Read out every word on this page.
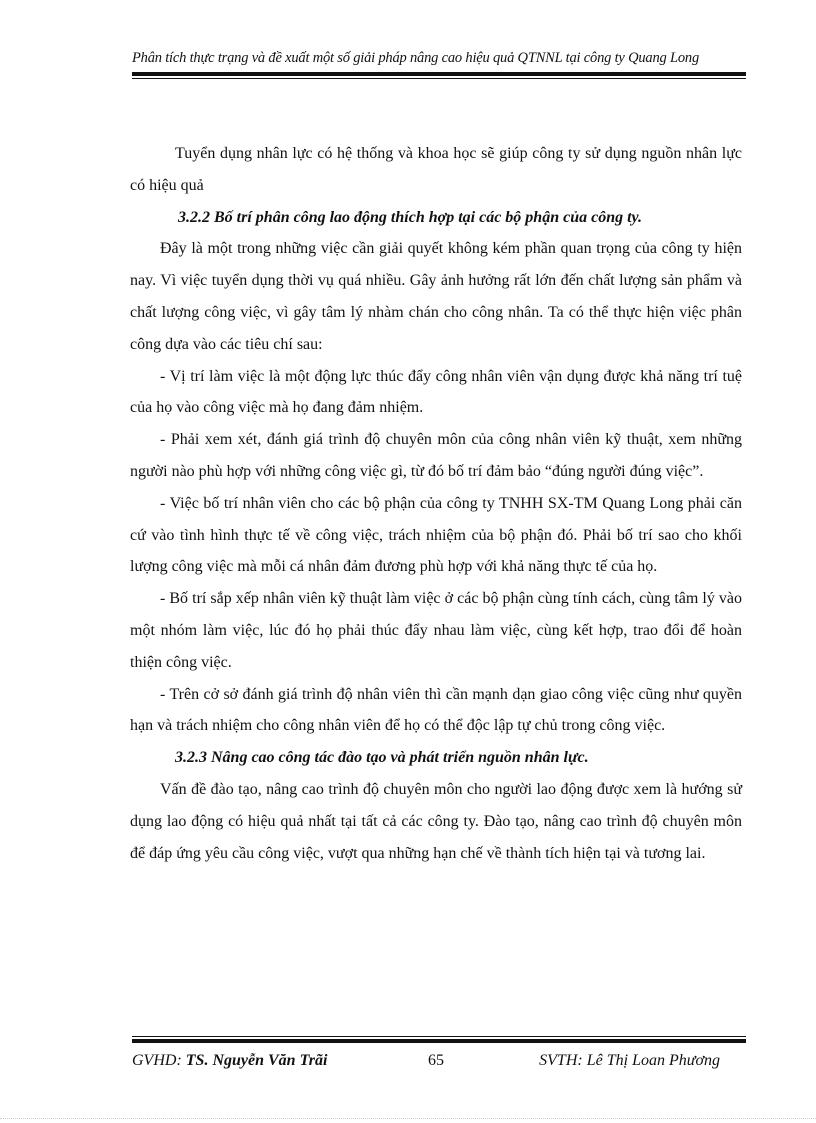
Phân tích thực trạng và đề xuất một số giải pháp nâng cao hiệu quả QTNNL tại công ty Quang Long

Tuyển dụng nhân lực có hệ thống và khoa học sẽ giúp công ty sử dụng nguồn nhân lực có hiệu quả

3.2.2 Bố trí phân công lao động thích hợp tại các bộ phận của công ty.

Đây là một trong những việc cần giải quyết không kém phần quan trọng của công ty hiện nay. Vì việc tuyển dụng thời vụ quá nhiều. Gây ảnh hưởng rất lớn đến chất lượng sản phẩm và chất lượng công việc, vì gây tâm lý nhàm chán cho công nhân. Ta có thể thực hiện việc phân công dựa vào các tiêu chí sau:

- Vị trí làm việc là một động lực thúc đẩy công nhân viên vận dụng được khả năng trí tuệ của họ vào công việc mà họ đang đảm nhiệm.

- Phải xem xét, đánh giá trình độ chuyên môn của công nhân viên kỹ thuật, xem những người nào phù hợp với những công việc gì, từ đó bố trí đảm bảo “đúng người đúng việc”.

- Việc bố trí nhân viên cho các bộ phận của công ty TNHH SX-TM Quang Long phải căn cứ vào tình hình thực tế về công việc, trách nhiệm của bộ phận đó. Phải bố trí sao cho khối lượng công việc mà mỗi cá nhân đảm đương phù hợp với khả năng thực tế của họ.

- Bố trí sắp xếp nhân viên kỹ thuật làm việc ở các bộ phận cùng tính cách, cùng tâm lý vào một nhóm làm việc, lúc đó họ phải thúc đẩy nhau làm việc, cùng kết hợp, trao đổi để hoàn thiện công việc.

- Trên cở sở đánh giá trình độ nhân viên thì cần mạnh dạn giao công việc cũng như quyền hạn và trách nhiệm cho công nhân viên để họ có thể độc lập tự chủ trong công việc.

3.2.3 Nâng cao công tác đào tạo và phát triển nguồn nhân lực.

Vấn đề đào tạo, nâng cao trình độ chuyên môn cho người lao động được xem là hướng sử dụng lao động có hiệu quả nhất tại tất cả các công ty. Đào tạo, nâng cao trình độ chuyên môn để đáp ứng yêu cầu công việc, vượt qua những hạn chế về thành tích hiện tại và tương lai.

GVHD: TS. Nguyễn Văn Trãi	65	SVTH: Lê Thị Loan Phương
